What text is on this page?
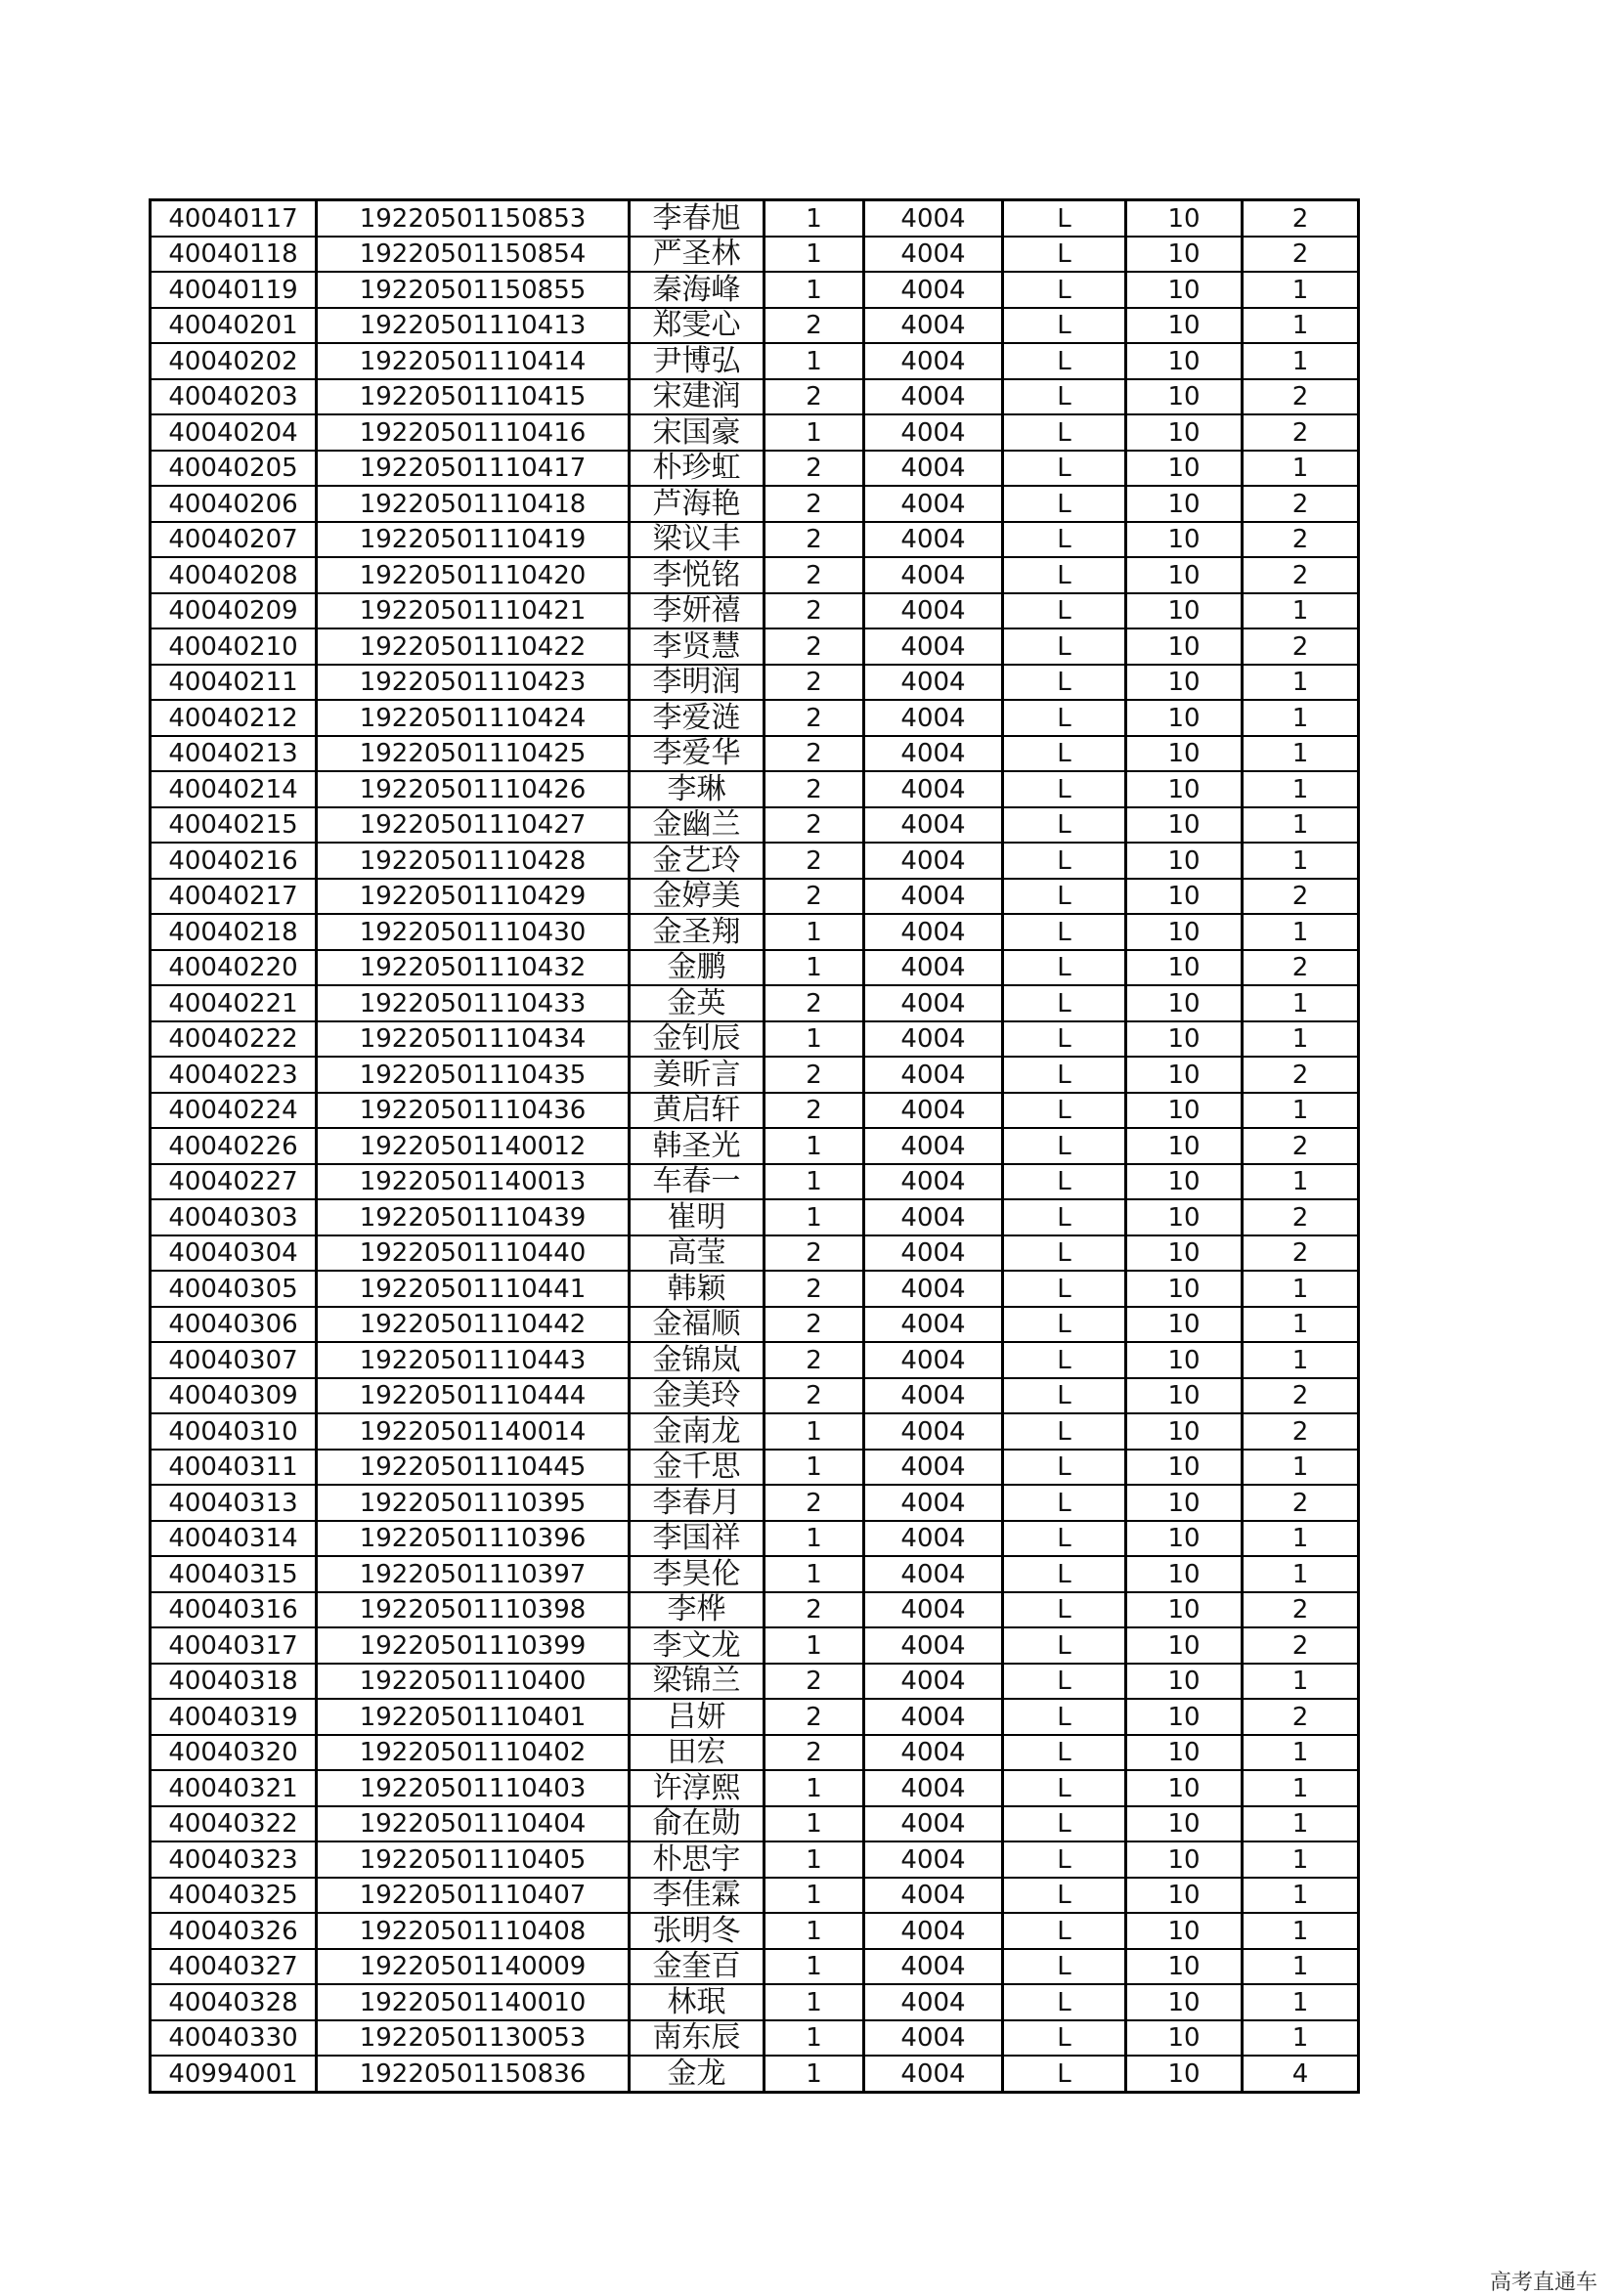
40040117	19220501150853	李春旭	1	4004	L	10	2
40040118	19220501150854	严圣林	1	4004	L	10	2
40040119	19220501150855	秦海峰	1	4004	L	10	1
40040201	19220501110413	郑雯心	2	4004	L	10	1
40040202	19220501110414	尹博弘	1	4004	L	10	1
40040203	19220501110415	宋建润	2	4004	L	10	2
40040204	19220501110416	宋国豪	1	4004	L	10	2
40040205	19220501110417	朴珍虹	2	4004	L	10	1
40040206	19220501110418	芦海艳	2	4004	L	10	2
40040207	19220501110419	梁议丰	2	4004	L	10	2
40040208	19220501110420	李悦铭	2	4004	L	10	2
40040209	19220501110421	李妍禧	2	4004	L	10	1
40040210	19220501110422	李贤慧	2	4004	L	10	2
40040211	19220501110423	李明润	2	4004	L	10	1
40040212	19220501110424	李爱涟	2	4004	L	10	1
40040213	19220501110425	李爱华	2	4004	L	10	1
40040214	19220501110426	李琳	2	4004	L	10	1
40040215	19220501110427	金幽兰	2	4004	L	10	1
40040216	19220501110428	金艺玲	2	4004	L	10	1
40040217	19220501110429	金婷美	2	4004	L	10	2
40040218	19220501110430	金圣翔	1	4004	L	10	1
40040220	19220501110432	金鹏	1	4004	L	10	2
40040221	19220501110433	金英	2	4004	L	10	1
40040222	19220501110434	金钊辰	1	4004	L	10	1
40040223	19220501110435	姜昕言	2	4004	L	10	2
40040224	19220501110436	黄启轩	2	4004	L	10	1
40040226	19220501140012	韩圣光	1	4004	L	10	2
40040227	19220501140013	车春一	1	4004	L	10	1
40040303	19220501110439	崔明	1	4004	L	10	2
40040304	19220501110440	高莹	2	4004	L	10	2
40040305	19220501110441	韩颖	2	4004	L	10	1
40040306	19220501110442	金福顺	2	4004	L	10	1
40040307	19220501110443	金锦岚	2	4004	L	10	1
40040309	19220501110444	金美玲	2	4004	L	10	2
40040310	19220501140014	金南龙	1	4004	L	10	2
40040311	19220501110445	金千思	1	4004	L	10	1
40040313	19220501110395	李春月	2	4004	L	10	2
40040314	19220501110396	李国祥	1	4004	L	10	1
40040315	19220501110397	李昊伦	1	4004	L	10	1
40040316	19220501110398	李桦	2	4004	L	10	2
40040317	19220501110399	李文龙	1	4004	L	10	2
40040318	19220501110400	梁锦兰	2	4004	L	10	1
40040319	19220501110401	吕妍	2	4004	L	10	2
40040320	19220501110402	田宏	2	4004	L	10	1
40040321	19220501110403	许淳熙	1	4004	L	10	1
40040322	19220501110404	俞在勋	1	4004	L	10	1
40040323	19220501110405	朴思宇	1	4004	L	10	1
40040325	19220501110407	李佳霖	1	4004	L	10	1
40040326	19220501110408	张明冬	1	4004	L	10	1
40040327	19220501140009	金奎百	1	4004	L	10	1
40040328	19220501140010	林珉	1	4004	L	10	1
40040330	19220501130053	南东辰	1	4004	L	10	1
40994001	19220501150836	金龙	1	4004	L	10	4
高考直通车
